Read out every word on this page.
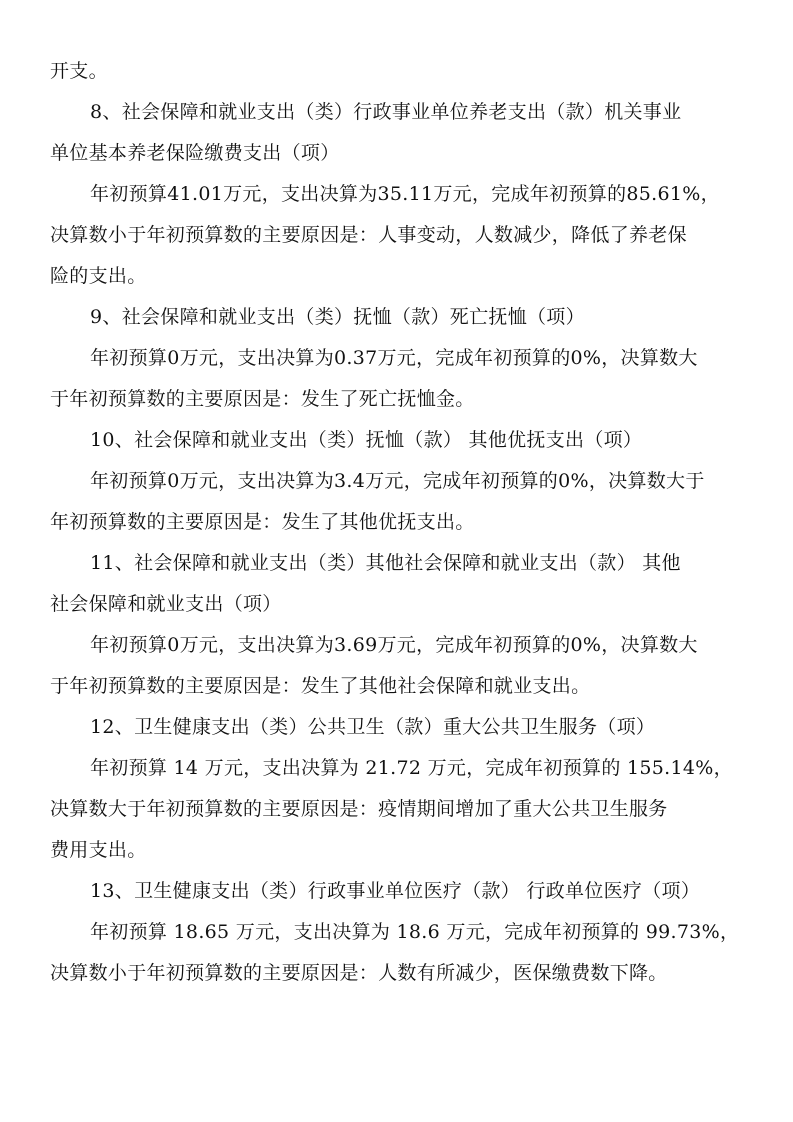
开支。
8、社会保障和就业支出（类）行政事业单位养老支出（款）机关事业
单位基本养老保险缴费支出（项）
年初预算41.01万元，支出决算为35.11万元，完成年初预算的85.61%，
决算数小于年初预算数的主要原因是：人事变动，人数减少，降低了养老保
险的支出。
9、社会保障和就业支出（类）抚恤（款）死亡抚恤（项）
年初预算0万元，支出决算为0.37万元，完成年初预算的0%，决算数大
于年初预算数的主要原因是：发生了死亡抚恤金。
10、社会保障和就业支出（类）抚恤（款） 其他优抚支出（项）
年初预算0万元，支出决算为3.4万元，完成年初预算的0%，决算数大于
年初预算数的主要原因是：发生了其他优抚支出。
11、社会保障和就业支出（类）其他社会保障和就业支出（款） 其他
社会保障和就业支出（项）
年初预算0万元，支出决算为3.69万元，完成年初预算的0%，决算数大
于年初预算数的主要原因是：发生了其他社会保障和就业支出。
12、卫生健康支出（类）公共卫生（款）重大公共卫生服务（项）
年初预算 14 万元，支出决算为 21.72 万元，完成年初预算的 155.14%，
决算数大于年初预算数的主要原因是：疫情期间增加了重大公共卫生服务
费用支出。
13、卫生健康支出（类）行政事业单位医疗（款） 行政单位医疗（项）
年初预算 18.65 万元，支出决算为 18.6 万元，完成年初预算的 99.73%，
决算数小于年初预算数的主要原因是：人数有所减少，医保缴费数下降。
